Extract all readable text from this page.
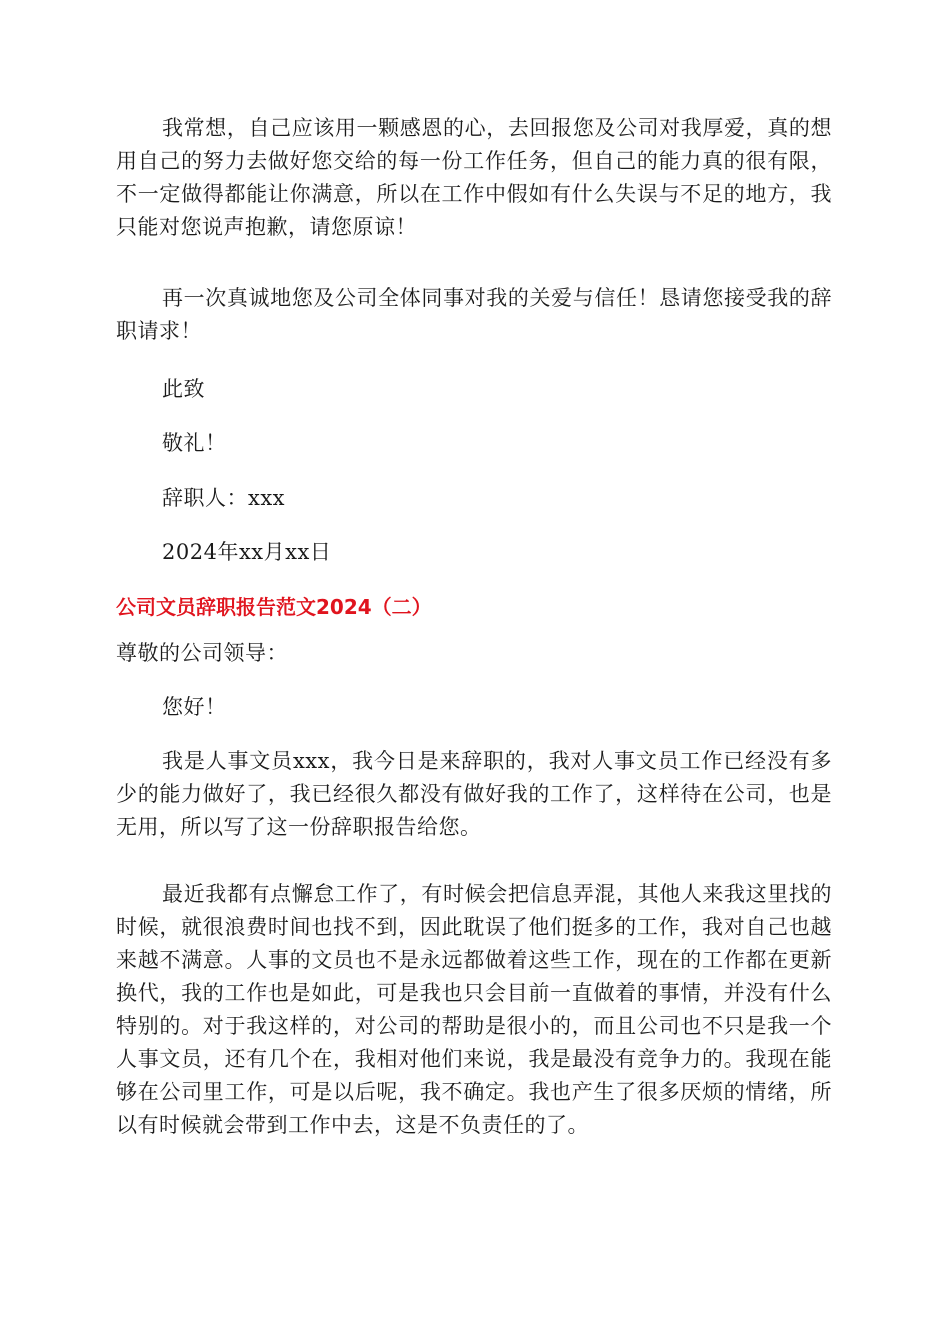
我常想，自己应该用一颗感恩的心，去回报您及公司对我厚爱，真的想用自己的努力去做好您交给的每一份工作任务，但自己的能力真的很有限，不一定做得都能让你满意，所以在工作中假如有什么失误与不足的地方，我只能对您说声抱歉，请您原谅！

再一次真诚地您及公司全体同事对我的关爱与信任！恳请您接受我的辞职请求！

此致

敬礼！

辞职人：xxx

2024年xx月xx日

公司文员辞职报告范文2024（二）

尊敬的公司领导：

您好！

我是人事文员xxx，我今日是来辞职的，我对人事文员工作已经没有多少的能力做好了，我已经很久都没有做好我的工作了，这样待在公司，也是无用，所以写了这一份辞职报告给您。

最近我都有点懈怠工作了，有时候会把信息弄混，其他人来我这里找的时候，就很浪费时间也找不到，因此耽误了他们挺多的工作，我对自己也越来越不满意。人事的文员也不是永远都做着这些工作，现在的工作都在更新换代，我的工作也是如此，可是我也只会目前一直做着的事情，并没有什么特别的。对于我这样的，对公司的帮助是很小的，而且公司也不只是我一个人事文员，还有几个在，我相对他们来说，我是最没有竞争力的。我现在能够在公司里工作，可是以后呢，我不确定。我也产生了很多厌烦的情绪，所以有时候就会带到工作中去，这是不负责任的了。
